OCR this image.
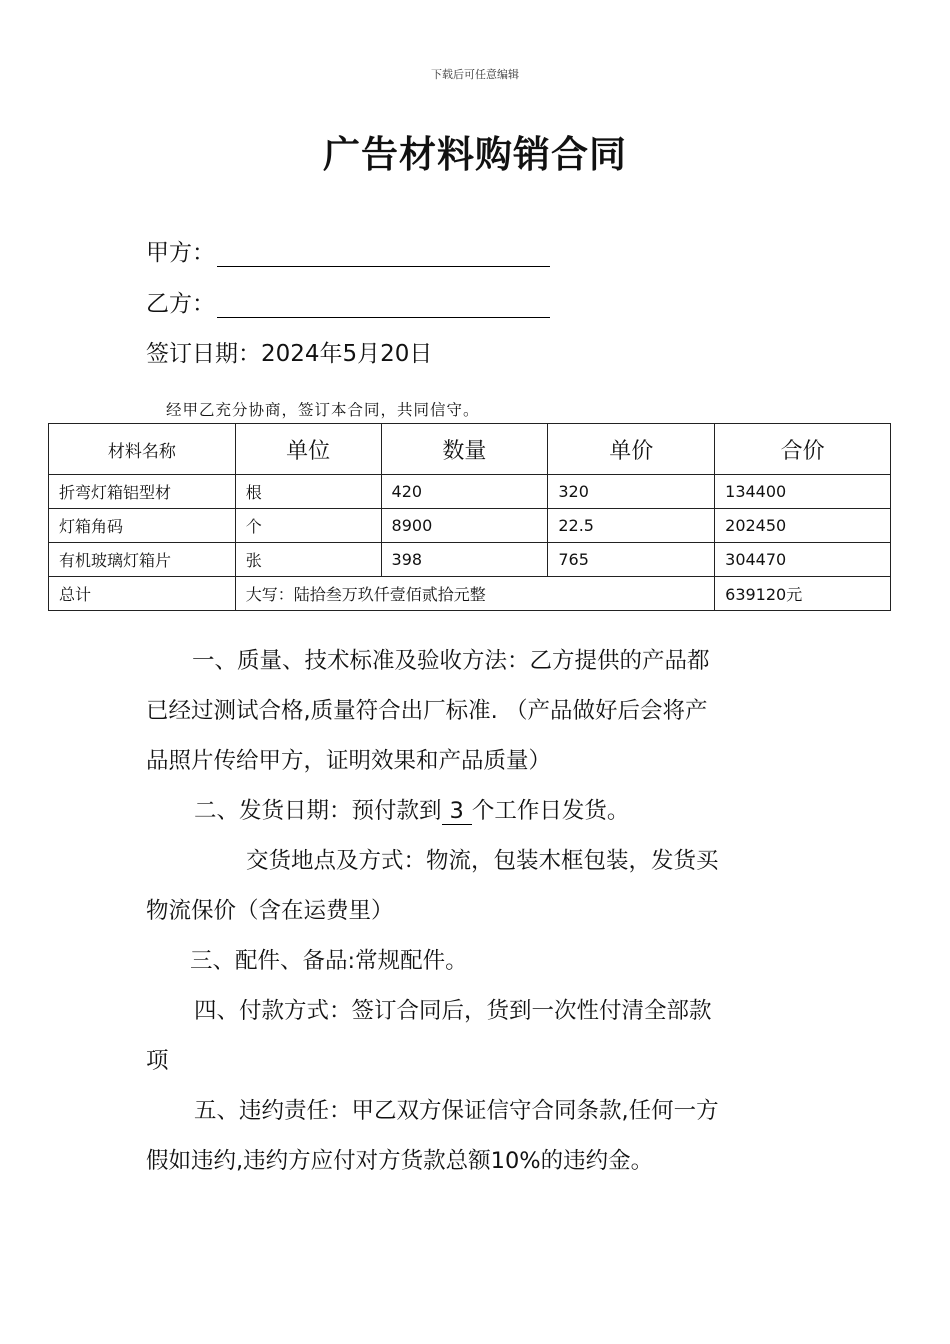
下载后可任意编辑
广告材料购销合同
甲方：
乙方：
签订日期：2024年5月20日
经甲乙充分协商，签订本合同，共同信守。
材料名称	单位	数量	单价	合价
折弯灯箱铝型材	根	420	320	134400
灯箱角码	个	8900	22.5	202450
有机玻璃灯箱片	张	398	765	304470
总计	大写：陆拾叁万玖仟壹佰贰拾元整			639120元
一、质量、技术标准及验收方法：乙方提供的产品都

已经过测试合格,质量符合出厂标准. （产品做好后会将产
品照片传给甲方，证明效果和产品质量）
二、发货日期：预付款到 3 个工作日发货。
交货地点及方式：物流，包装木框包装，发货买
物流保价（含在运费里）
三、配件、备品:常规配件。
四、付款方式：签订合同后，货到一次性付清全部款
项
五、违约责任：甲乙双方保证信守合同条款,任何一方
假如违约,违约方应付对方货款总额10%的违约金。
